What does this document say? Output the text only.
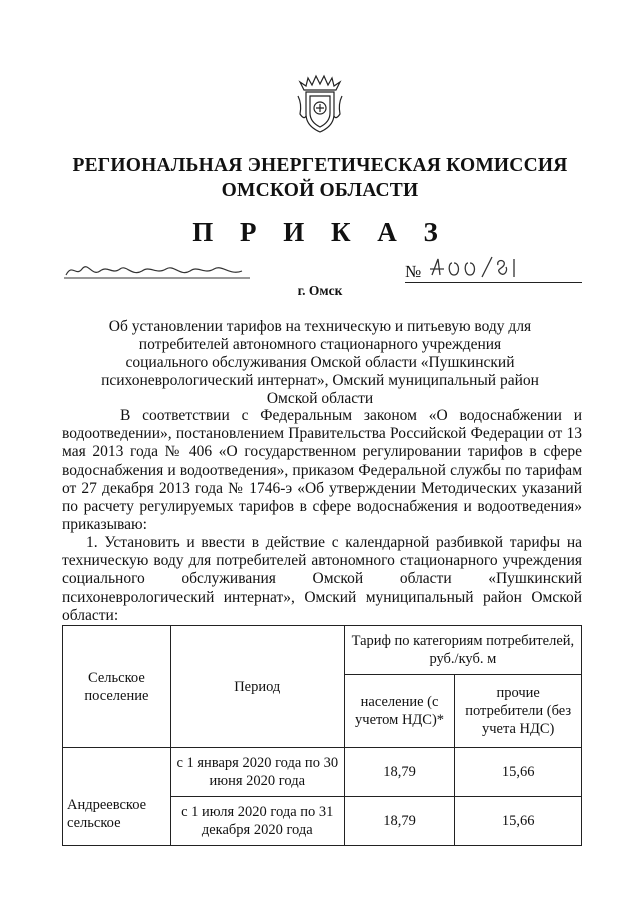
РЕГИОНАЛЬНАЯ ЭНЕРГЕТИЧЕСКАЯ КОМИССИЯ
ОМСКОЙ ОБЛАСТИ
П Р И К А З
№
г. Омск
Об установлении тарифов на техническую и питьевую воду для потребителей автономного стационарного учреждения социального обслуживания Омской области «Пушкинский психоневрологический интернат», Омский муниципальный район Омской области
В соответствии с Федеральным законом «О водоснабжении и водоотведении», постановлением Правительства Российской Федерации от 13 мая 2013 года № 406 «О государственном регулировании тарифов в сфере водоснабжения и водоотведения», приказом Федеральной службы по тарифам от 27 декабря 2013 года № 1746-э «Об утверждении Методических указаний по расчету регулируемых тарифов в сфере водоснабжения и водоотведения» приказываю:
1. Установить и ввести в действие с календарной разбивкой тарифы на техническую воду для потребителей автономного стационарного учреждения социального обслуживания Омской области «Пушкинский психоневрологический интернат», Омский муниципальный район Омской области:
Сельское поселение	Период	Тариф по категориям потребителей, руб./куб. м	
		население (с учетом НДС)*	прочие потребители (без учета НДС)

Андреевское сельское	с 1 января 2020 года по 30 июня 2020 года	18,79	15,66
	с 1 июля 2020 года по 31 декабря 2020 года	18,79	15,66
